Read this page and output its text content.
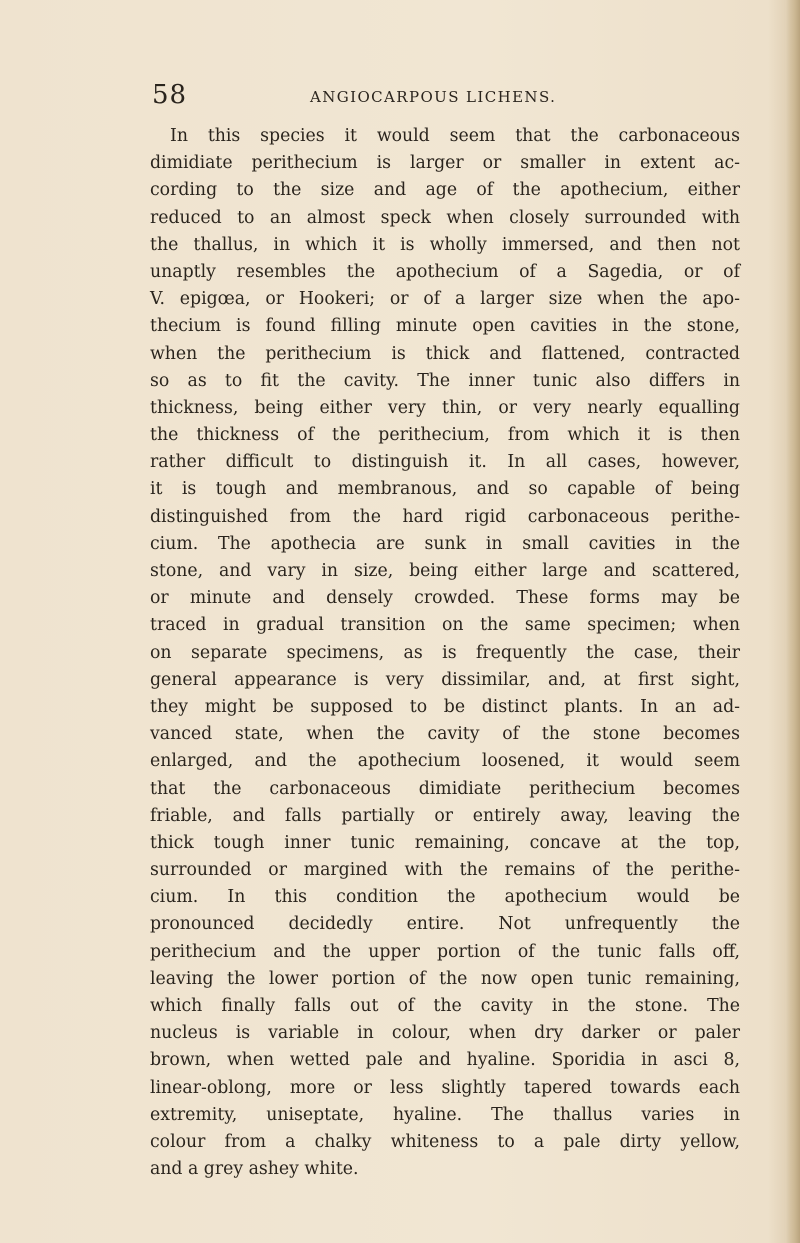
58	ANGIOCARPOUS LICHENS.
In this species it would seem that the carbonaceous
dimidiate perithecium is larger or smaller in extent ac-
cording to the size and age of the apothecium, either
reduced to an almost speck when closely surrounded with
the thallus, in which it is wholly immersed, and then not
unaptly resembles the apothecium of a Sagedia, or of
V. epigœa, or Hookeri; or of a larger size when the apo-
thecium is found filling minute open cavities in the stone,
when the perithecium is thick and flattened, contracted
so as to fit the cavity. The inner tunic also differs in
thickness, being either very thin, or very nearly equalling
the thickness of the perithecium, from which it is then
rather difficult to distinguish it. In all cases, however,
it is tough and membranous, and so capable of being
distinguished from the hard rigid carbonaceous perithe-
cium. The apothecia are sunk in small cavities in the
stone, and vary in size, being either large and scattered,
or minute and densely crowded. These forms may be
traced in gradual transition on the same specimen; when
on separate specimens, as is frequently the case, their
general appearance is very dissimilar, and, at first sight,
they might be supposed to be distinct plants. In an ad-
vanced state, when the cavity of the stone becomes
enlarged, and the apothecium loosened, it would seem
that the carbonaceous dimidiate perithecium becomes
friable, and falls partially or entirely away, leaving the
thick tough inner tunic remaining, concave at the top,
surrounded or margined with the remains of the perithe-
cium. In this condition the apothecium would be
pronounced decidedly entire. Not unfrequently the
perithecium and the upper portion of the tunic falls off,
leaving the lower portion of the now open tunic remaining,
which finally falls out of the cavity in the stone. The
nucleus is variable in colour, when dry darker or paler
brown, when wetted pale and hyaline. Sporidia in asci 8,
linear-oblong, more or less slightly tapered towards each
extremity, uniseptate, hyaline. The thallus varies in
colour from a chalky whiteness to a pale dirty yellow,
and a grey ashey white.
